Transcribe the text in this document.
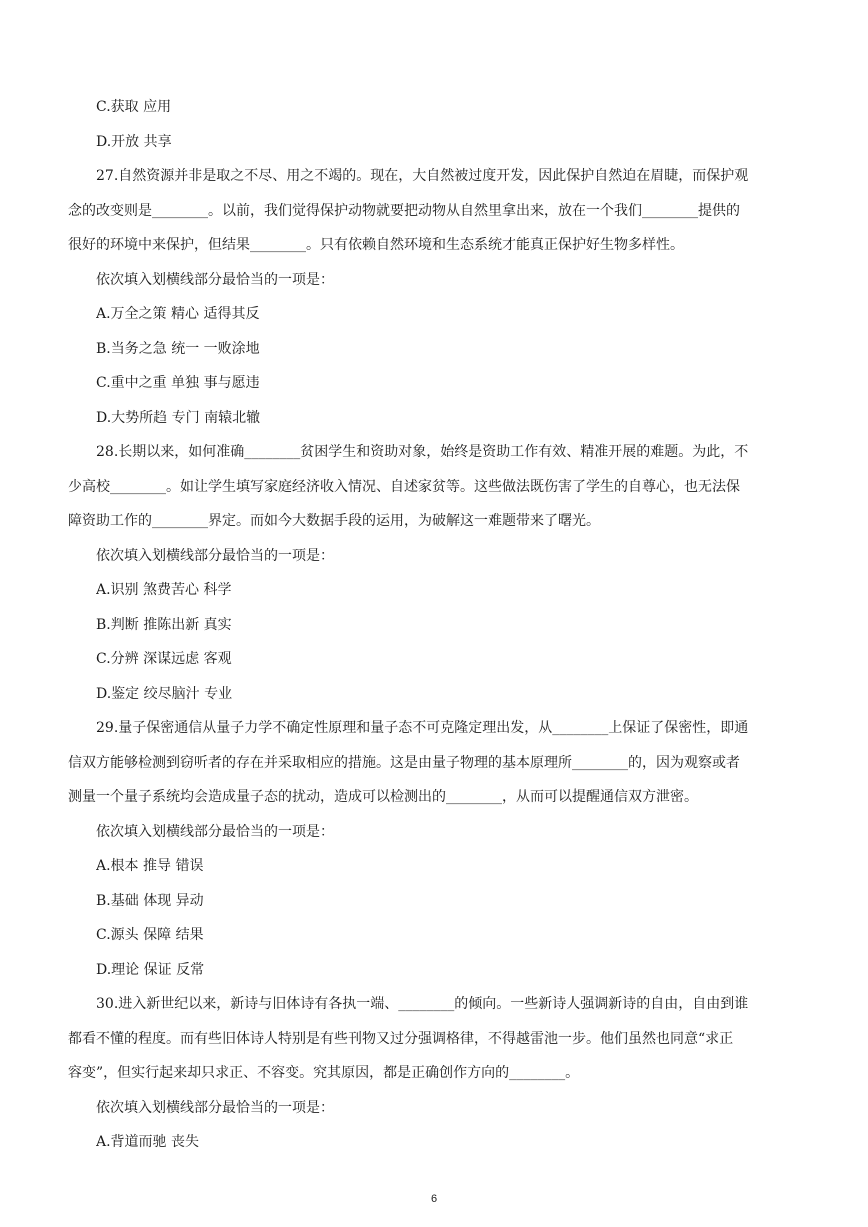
C.获取 应用
D.开放 共享
27.自然资源并非是取之不尽、用之不竭的。现在，大自然被过度开发，因此保护自然迫在眉睫，而保护观
念的改变则是________。以前，我们觉得保护动物就要把动物从自然里拿出来，放在一个我们________提供的
很好的环境中来保护，但结果________。只有依赖自然环境和生态系统才能真正保护好生物多样性。
依次填入划横线部分最恰当的一项是：
A.万全之策 精心 适得其反
B.当务之急 统一 一败涂地
C.重中之重 单独 事与愿违
D.大势所趋 专门 南辕北辙
28.长期以来，如何准确________贫困学生和资助对象，始终是资助工作有效、精准开展的难题。为此，不
少高校________。如让学生填写家庭经济收入情况、自述家贫等。这些做法既伤害了学生的自尊心，也无法保
障资助工作的________界定。而如今大数据手段的运用，为破解这一难题带来了曙光。
依次填入划横线部分最恰当的一项是：
A.识别 煞费苦心 科学
B.判断 推陈出新 真实
C.分辨 深谋远虑 客观
D.鉴定 绞尽脑汁 专业
29.量子保密通信从量子力学不确定性原理和量子态不可克隆定理出发，从________上保证了保密性，即通
信双方能够检测到窃听者的存在并采取相应的措施。这是由量子物理的基本原理所________的，因为观察或者
测量一个量子系统均会造成量子态的扰动，造成可以检测出的________，从而可以提醒通信双方泄密。
依次填入划横线部分最恰当的一项是：
A.根本 推导 错误
B.基础 体现 异动
C.源头 保障 结果
D.理论 保证 反常
30.进入新世纪以来，新诗与旧体诗有各执一端、________的倾向。一些新诗人强调新诗的自由，自由到谁
都看不懂的程度。而有些旧体诗人特别是有些刊物又过分强调格律，不得越雷池一步。他们虽然也同意“求正
容变”，但实行起来却只求正、不容变。究其原因，都是正确创作方向的________。
依次填入划横线部分最恰当的一项是：
A.背道而驰 丧失
6
